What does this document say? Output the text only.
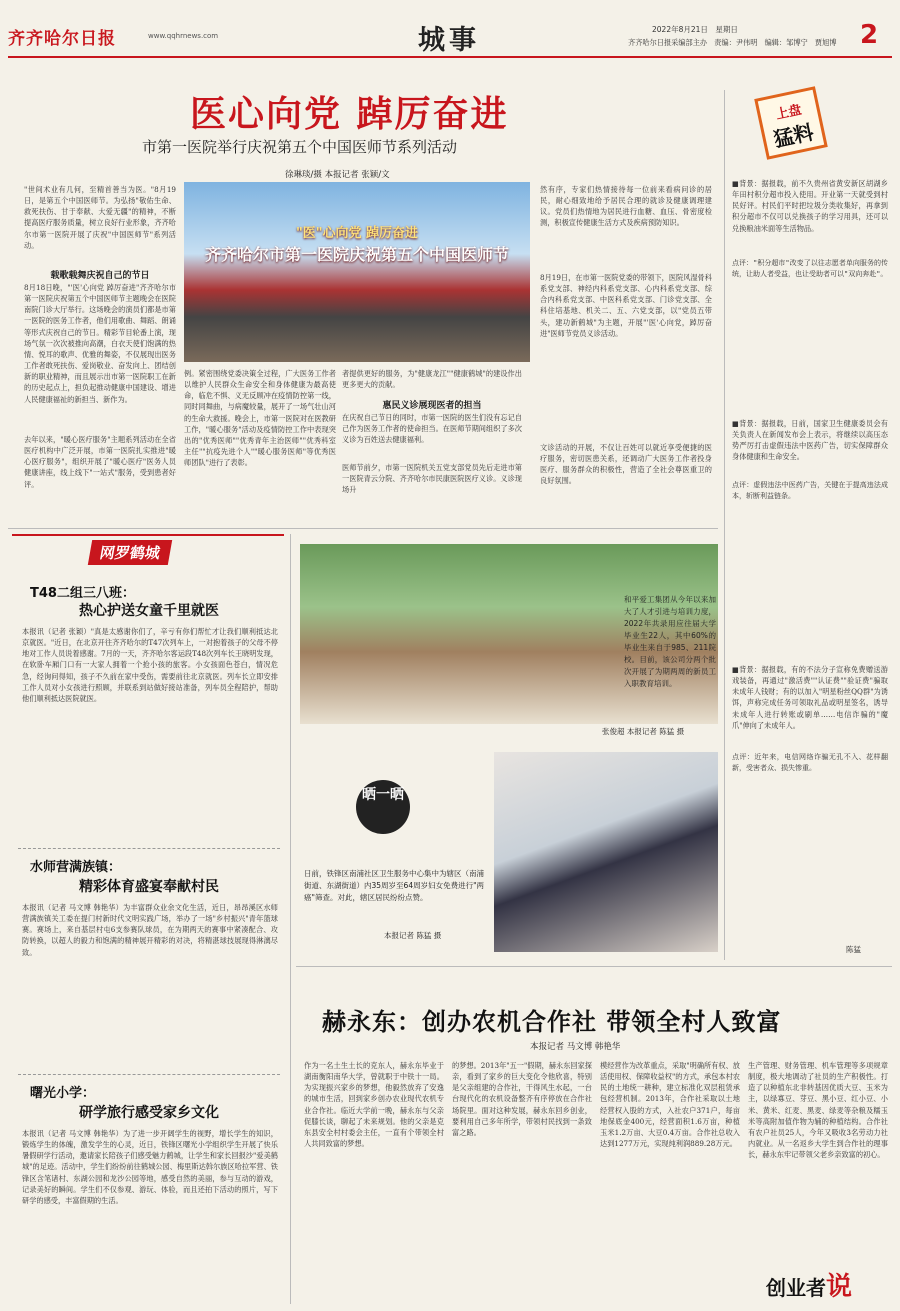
齐齐哈尔日报	www.qqhrnews.com	城事	2022年8月21日　星期日
齐齐哈尔日报采编部主办　责编：尹伟明　编辑：邹博宁　贾旭博 2
医心向党 踔厉奋进
市第一医院举行庆祝第五个中国医师节系列活动
徐琳琰/摄 本报记者 张颖/文
"医"心向党 踔厉奋进
齐齐哈尔市第一医院庆祝第五个中国医师节
"世间术业有几何，至精首善当为医。"8月19日，是第五个中国医师节。为弘扬"敬佑生命、救死扶伤、甘于奉献、大爱无疆"的精神，不断提高医疗服务质量，树立良好行业形象，齐齐哈尔市第一医院开展了庆祝"中国医师节"系列活动。
载歌载舞庆祝自己的节日
8月18日晚，"'医'心向党 踔厉奋进"齐齐哈尔市第一医院庆祝第五个中国医师节主题晚会在医院南院门诊大厅举行。这场晚会的演员们都是市第一医院的医务工作者，他们用歌曲、舞蹈、朗诵等形式庆祝自己的节日。精彩节目轮番上演，现场气氛一次次被推向高潮，白衣天使们饱满的热情、悦耳的歌声、优雅的舞姿，不仅展现出医务工作者敢死扶伤、爱岗敬业、奋发向上、团结创新的职业精神，而且展示出市第一医院职工在新的历史起点上，担负起推动健康中国建设、增进人民健康福祉的新担当、新作为。
去年以来，"暖心医疗服务"主题系列活动在全省医疗机构中广泛开展，市第一医院扎实推进"暖心医疗服务"，组织开展了"暖心医疗"医务人员健康讲座，线上线下"一站式"服务，受到患者好评。
例。紧密围绕党委决策全过程，广大医务工作者以维护人民群众生命安全和身体健康为最高使命，临危不惧、义无反顾冲在疫情防控第一线，同时同舞曲，与病魔较量，展开了一场气壮山河的生命大救援。晚会上，市第一医院对在医教研工作，"暖心服务"活动及疫情防控工作中表现突出的"优秀医师""优秀青年主治医师""优秀科室主任""抗疫先进个人""暖心服务医师"等优秀医师团队"进行了表彰。
者提供更好的服务，为"健康龙江""健康鹤城"的建设作出更多更大的贡献。
惠民义诊展现医者的担当
在庆祝自己节日的同时，市第一医院的医生们没有忘记自己作为医务工作者的使命担当。在医师节期间组织了多次义诊为百姓送去健康福利。
医师节前夕，市第一医院机关五党支部党员先后走进市第一医院青云分院、齐齐哈尔市民康医院医疗义诊。义诊现场升
然有序，专家们热情接待每一位前来看病问诊的居民，耐心细致地给予居民合理的就诊及健康调理建议。党员们热情地为居民进行血糖、血压、骨密度检测，积极宣传健康生活方式及疾病预防知识。
8月19日，在市第一医院党委的带领下，医院风湿骨科系党支部、神经内科系党支部、心内科系党支部、综合内科系党支部、中医科系党支部、门诊党支部、全科住培基地、机关二、五、六党支部，以"党员五带头，建功新鹤城"为主题，开展"'医'心向党，踔厉奋进"医师节党员义诊活动。
文诊活动的开展，不仅让百姓可以就近享受便捷的医疗服务，密切医患关系，还调动广大医务工作者投身医疗、服务群众的积极性，营造了全社会尊医重卫的良好氛围。
上盘
猛料
■背景：据报载，前不久贵州省黄安新区胡湖乡年田村积分超市投入使用。开业第一天就受到村民好评。村民们平时把垃圾分类收集好，再拿到积分超市不仅可以兑换孩子的学习用具，还可以兑换粮油米面等生活物品。
点评："积分超市"改变了以往志愿者单向服务的传统，让助人者受益，也让受助者可以"双向奔赴"。
■背景：据报载，日前，国家卫生健康委员会有关负责人在新闻发布会上表示，将继续以高压态势严厉打击虚假违法中医药广告，切实保障群众身体健康和生命安全。
点评：虚假违法中医药广告，关键在于提高违法成本，斩断利益链条。
■背景：据报载，有的不法分子宣称免费赠送游戏装备，再通过"激活费""认证费""验证费"骗取未成年人钱财；有的以加入"明星粉丝QQ群"为诱饵，声称完成任务可领取礼品或明星签名，诱导未成年人进行转账或刷单……电信诈骗的"魔爪"伸向了未成年人。
点评：近年来，电信网络诈骗无孔不入、花样翻新，受害者众、损失惨重。
陈猛
网罗鹤城
T48二组三八班：
热心护送女童千里就医
本报讯（记者 张颖）"真是太感谢你们了，辛亏有你们帮忙才让我们顺利抵达北京就医。"近日，在北京开往齐齐哈尔的T47次列车上，一对抱着孩子的父母不停地对工作人员说着感谢。7月的一天，齐齐哈尔客运段T48次列车长王晓明发现，在软卧车厢门口有一大家人拥着一个抢小孩的旅客。小女孩面色苍白，情况危急，经询问得知，孩子不久前在家中受伤，需要前往北京就医。列车长立即安排工作人员对小女孩进行照顾，并联系到站做好接站准备，列车员全程陪护，帮助他们顺利抵达医院就医。
水师营满族镇：
精彩体育盛宴奉献村民
本报讯（记者 马文博 韩艳华）为丰富群众业余文化生活，近日，昂昂溪区水师营满族镇关工委在提门村新时代文明实践广场，举办了一场"乡村振兴"青年篮球赛。赛场上，来自基层村屯6支参赛队球员，在为期两天的赛事中紧凑配合、攻防转换，以超人的毅力和饱满的精神展开精彩的对决，将精湛球技展现得淋漓尽致。
曙光小学：
研学旅行感受家乡文化
本报讯（记者 马文博 韩艳华）为了进一步开阔学生的视野，增长学生的知识，锻炼学生的体魄，激发学生的心灵，近日，铁锋区曙光小学组织学生开展了快乐暑假研学行活动，邀请家长陪孩子们感受魅力鹤城，让学生和家长回报沙"爱美鹤城"的足迹。活动中，学生们纷纷前往鹤城公园、梅里斯达斡尔族区哈拉军营、铁锋区含笔诸村、东湖公园和龙沙公园等地，感受自然的美丽，参与互动的游戏，记录美好的瞬间。学生们不仅参观、游玩、体验，而且还拍下活动的照片，写下研学的感受，丰富假期的生活。
和平爱工集团从今年以来加大了人才引进与培训力度，2022年共录用应往届大学毕业生22人，其中60%的毕业生来自于985、211院校。目前，该公司分两个批次开展了为期两周的新员工入职教育培训。
张俊超 本报记者 陈猛 摄
晒一晒
日前，铁锋区南浦社区卫生服务中心集中为辖区（南浦街道、东湖街道）内35周岁至64周岁妇女免费进行"两癌"筛查。对此，辖区居民纷纷点赞。
本报记者 陈猛 摄
赫永东：创办农机合作社 带领全村人致富
本报记者 马文博 韩艳华
作为一名土生土长的克东人，赫永东毕业于湖南衡阳南华大学，曾就职于中铁十一局。为实现振兴家乡的梦想，他毅然放弃了安逸的城市生活，回到家乡创办农业现代农机专业合作社。临近大学前一晚，赫永东与父亲促膝长谈，聊起了未来规划。他的父亲是克东县安全村村委会主任，一直有个带领全村人共同致富的梦想。
的梦想。2013年"五一"假期，赫永东回家探亲，看到了家乡的巨大变化令他欣喜，特别是父亲组建的合作社，干得风生水起，一台台现代化的农机设备整齐有序停放在合作社场院里。面对这种发展，赫永东回乡创业，要利用自己多年所学，带领村民找到一条致富之路。
模经营作为改革重点，采取"明确所有权、放活使用权、保障收益权"的方式，承包本村农民的土地统一耕种，建立标准化双层租赁承包经营机制。2013年，合作社采取以土地经营权入股的方式，入社农户371户，每亩地保底金400元，经营面积1.6万亩，种植玉米1.2万亩、大豆0.4万亩。合作社总收入达到1277万元，实现纯利润889.28万元。
生产管理、财务管理、机车管理等多项规章制度，极大地调动了社员的生产积极性。打造了以种植东北非转基因优质大豆、玉米为主，以绿寡豆、芽豆、黑小豆、红小豆、小米、黄米、红麦、黑麦、绿麦等杂粮及糯玉米等高附加值作物为辅的种植结构。合作社有农户社员25人，今年又吸收3名劳动力社内就业。从一名返乡大学生到合作社的理事长，赫永东牢记带领父老乡亲致富的初心。
创业者说
